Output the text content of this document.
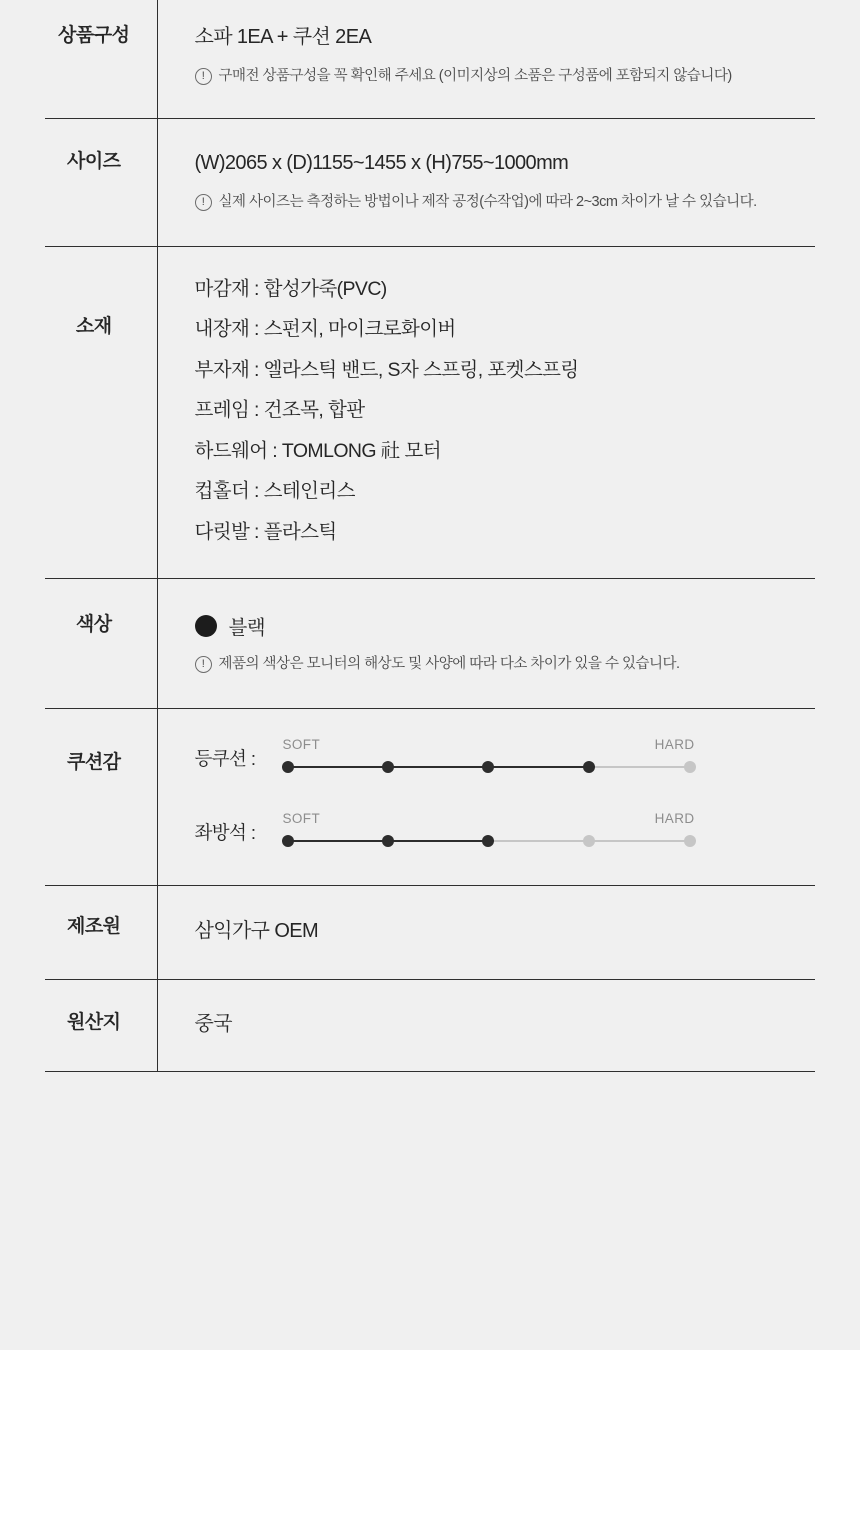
상품구성	소파 1EA + 쿠션 2EA
! 구매전 상품구성을 꼭 확인해 주세요 (이미지상의 소품은 구성품에 포함되지 않습니다)

사이즈	(W)2065 x (D)1155~1455 x (H)755~1000mm
! 실제 사이즈는 측정하는 방법이나 제작 공정(수작업)에 따라 2~3cm 차이가 날 수 있습니다.

소재

마감재 : 합성가죽(PVC)
내장재 : 스펀지, 마이크로화이버
부자재 : 엘라스틱 밴드, S자 스프링, 포켓스프링
프레임 : 건조목, 합판
하드웨어 : TOMLONG 社 모터
컵홀더 : 스테인리스
다릿발 : 플라스틱

색상	블랙
! 제품의 색상은 모니터의 해상도 및 사양에 따라 다소 차이가 있을 수 있습니다.

쿠션감	등쿠션 :
SOFT	HARD
좌방석 :
SOFT	HARD

제조원	삼익가구 OEM

원산지	중국
